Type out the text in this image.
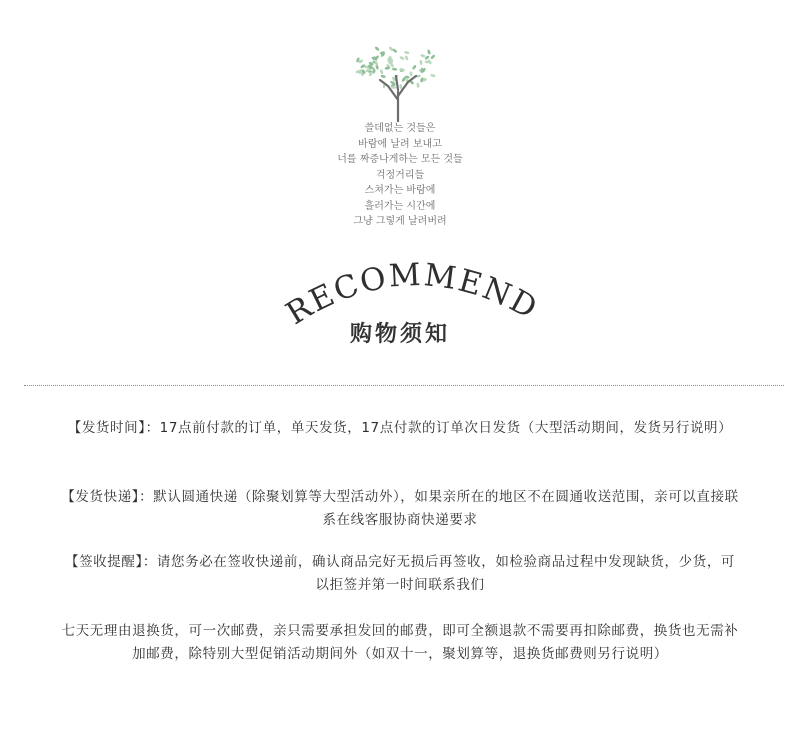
쓸데없는 것들은
바람에 날려 보내고
너를 짜증나게하는 모든 것들
걱정거리들
스쳐가는 바람에
흘러가는 시간에
그냥 그렇게 날려버려
RECOMMEND
购物须知
【发货时间】：17点前付款的订单，单天发货，17点付款的订单次日发货（大型活动期间，发货另行说明）
【发货快递】：默认圆通快递（除聚划算等大型活动外），如果亲所在的地区不在圆通收送范围，亲可以直接联系在线客服协商快递要求
【签收提醒】：请您务必在签收快递前，确认商品完好无损后再签收，如检验商品过程中发现缺货，少货，可以拒签并第一时间联系我们
七天无理由退换货，可一次邮费，亲只需要承担发回的邮费，即可全额退款不需要再扣除邮费，换货也无需补加邮费，除特别大型促销活动期间外（如双十一，聚划算等，退换货邮费则另行说明）
